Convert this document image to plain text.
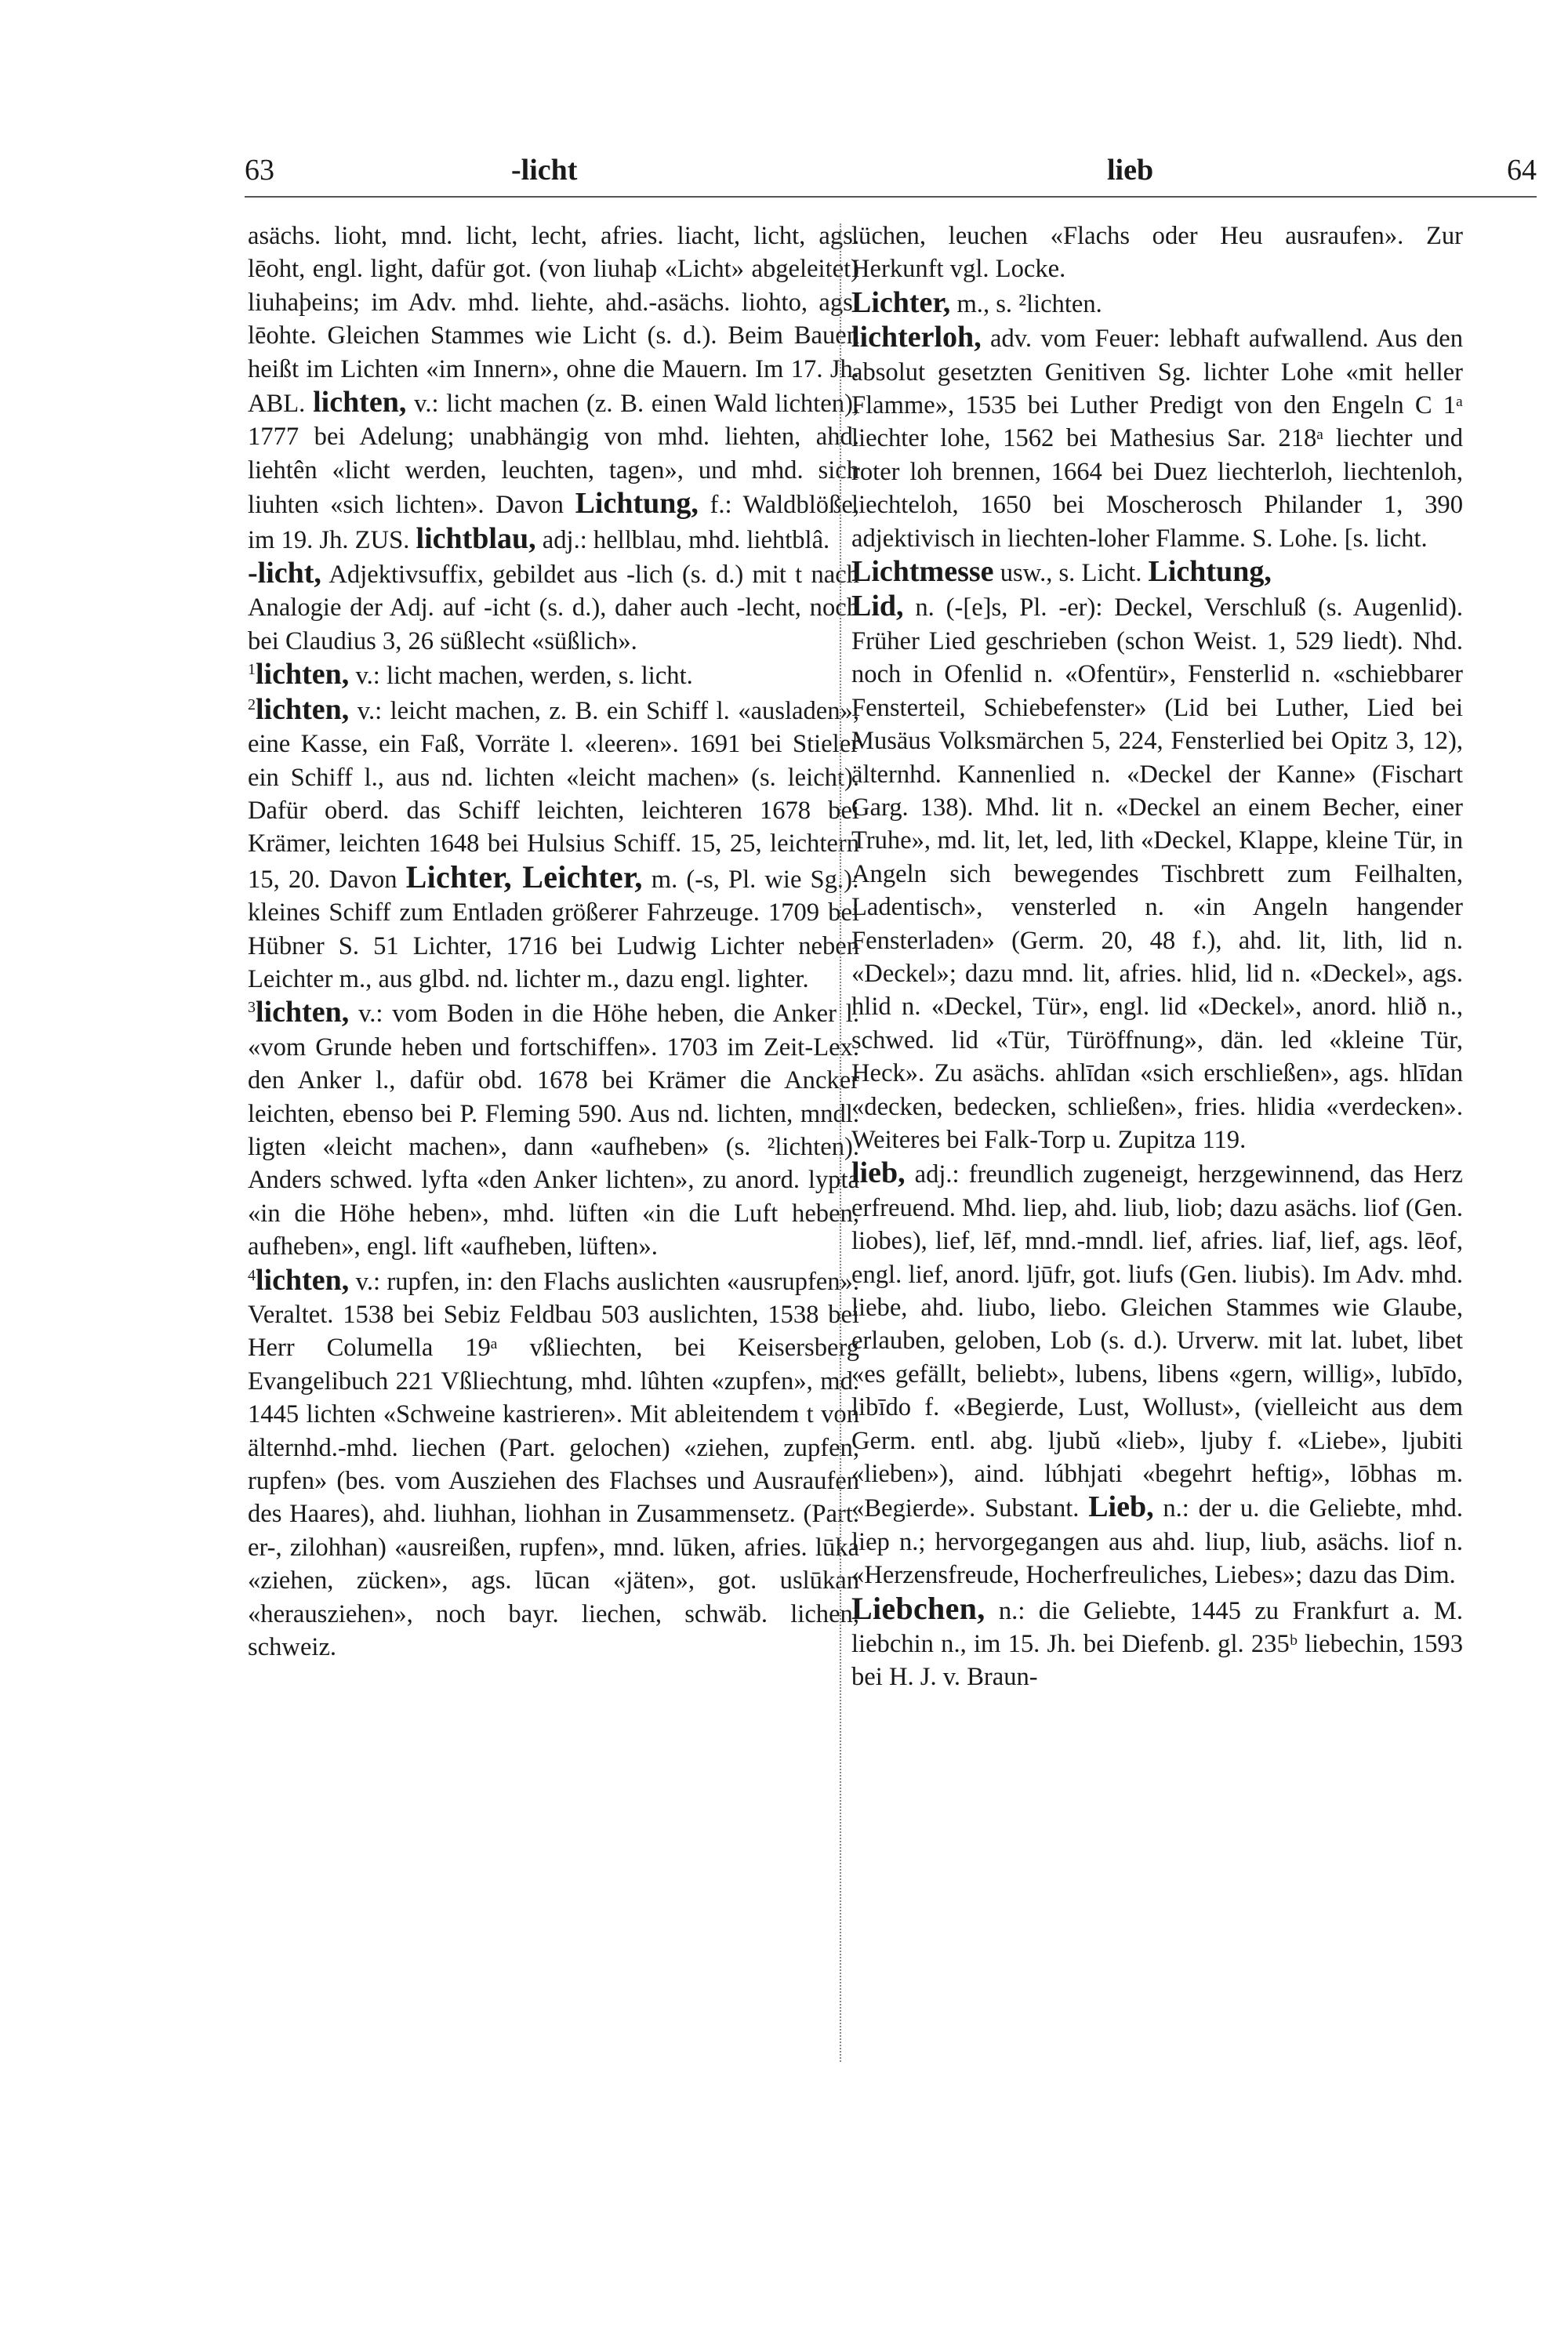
63	-licht	lieb	64

asächs. lioht, mnd. licht, lecht, afries. liacht, licht, ags. lēoht, engl. light, dafür got. (von liuhaþ «Licht» abgeleitet) liuhaþeins; im Adv. mhd. liehte, ahd.-asächs. liohto, ags. lēohte. Gleichen Stammes wie Licht (s. d.). Beim Bauen heißt im Lichten «im Innern», ohne die Mauern. Im 17. Jh. ABL. lichten, v.: licht machen (z. B. einen Wald lichten), 1777 bei Adelung; unabhängig von mhd. liehten, ahd. liehtên «licht werden, leuchten, tagen», und mhd. sich liuhten «sich lichten». Davon Lichtung, f.: Waldblöße, im 19. Jh. ZUS. lichtblau, adj.: hellblau, mhd. liehtblâ.

-licht, Adjektivsuffix, gebildet aus -lich (s. d.) mit t nach Analogie der Adj. auf -icht (s. d.), daher auch -lecht, noch bei Claudius 3, 26 süßlecht «süßlich».

$^1$lichten, v.: licht machen, werden, s. licht.

$^2$lichten, v.: leicht machen, z. B. ein Schiff l. «ausladen», eine Kasse, ein Faß, Vorräte l. «leeren». 1691 bei Stieler ein Schiff l., aus nd. lichten «leicht machen» (s. leicht). Dafür oberd. das Schiff leichten, leichteren 1678 bei Krämer, leichten 1648 bei Hulsius Schiff. 15, 25, leichtern 15, 20. Davon Lichter, Leichter, m. (-s, Pl. wie Sg.): kleines Schiff zum Entladen größerer Fahrzeuge. 1709 bei Hübner S. 51 Lichter, 1716 bei Ludwig Lichter neben Leichter m., aus glbd. nd. lichter m., dazu engl. lighter.

$^3$lichten, v.: vom Boden in die Höhe heben, die Anker l. «vom Grunde heben und fortschiffen». 1703 im Zeit-Lex. den Anker l., dafür obd. 1678 bei Krämer die Ancker leichten, ebenso bei P. Fleming 590. Aus nd. lichten, mndl. ligten «leicht machen», dann «aufheben» (s. ²lichten). Anders schwed. lyfta «den Anker lichten», zu anord. lypta «in die Höhe heben», mhd. lüften «in die Luft heben, aufheben», engl. lift «aufheben, lüften».

$^4$lichten, v.: rupfen, in: den Flachs auslichten «ausrupfen». Veraltet. 1538 bei Sebiz Feldbau 503 auslichten, 1538 bei Herr Columella 19ᵃ vßliechten, bei Keisersberg Evangelibuch 221 Vßliechtung, mhd. lûhten «zupfen», md. 1445 lichten «Schweine kastrieren». Mit ableitendem t von älternhd.-mhd. liechen (Part. gelochen) «ziehen, zupfen, rupfen» (bes. vom Ausziehen des Flachses und Ausraufen des Haares), ahd. liuhhan, liohhan in Zusammensetz. (Part. er-, zilohhan) «ausreißen, rupfen», mnd. lūken, afries. lūka «ziehen, zücken», ags. lūcan «jäten», got. uslūkan «herausziehen», noch bayr. liechen, schwäb. lichen, schweiz.

lüchen, leuchen «Flachs oder Heu ausraufen». Zur Herkunft vgl. Locke.

Lichter, m., s. ²lichten.

lichterloh, adv. vom Feuer: lebhaft aufwallend. Aus den absolut gesetzten Genitiven Sg. lichter Lohe «mit heller Flamme», 1535 bei Luther Predigt von den Engeln C 1ᵃ liechter lohe, 1562 bei Mathesius Sar. 218ᵃ liechter und roter loh brennen, 1664 bei Duez liechterloh, liechtenloh, liechteloh, 1650 bei Moscherosch Philander 1, 390 adjektivisch in liechten-loher Flamme. S. Lohe. [s. licht.

Lichtmesse usw., s. Licht. Lichtung,

Lid, n. (-[e]s, Pl. -er): Deckel, Verschluß (s. Augenlid). Früher Lied geschrieben (schon Weist. 1, 529 liedt). Nhd. noch in Ofenlid n. «Ofentür», Fensterlid n. «schiebbarer Fensterteil, Schiebefenster» (Lid bei Luther, Lied bei Musäus Volksmärchen 5, 224, Fensterlied bei Opitz 3, 12), älternhd. Kannenlied n. «Deckel der Kanne» (Fischart Garg. 138). Mhd. lit n. «Deckel an einem Becher, einer Truhe», md. lit, let, led, lith «Deckel, Klappe, kleine Tür, in Angeln sich bewegendes Tischbrett zum Feilhalten, Ladentisch», vensterled n. «in Angeln hangender Fensterladen» (Germ. 20, 48 f.), ahd. lit, lith, lid n. «Deckel»; dazu mnd. lit, afries. hlid, lid n. «Deckel», ags. hlid n. «Deckel, Tür», engl. lid «Deckel», anord. hlið n., schwed. lid «Tür, Türöffnung», dän. led «kleine Tür, Heck». Zu asächs. ahlīdan «sich erschließen», ags. hlīdan «decken, bedecken, schließen», fries. hlidia «verdecken». Weiteres bei Falk-Torp u. Zupitza 119.

lieb, adj.: freundlich zugeneigt, herzgewinnend, das Herz erfreuend. Mhd. liep, ahd. liub, liob; dazu asächs. liof (Gen. liobes), lief, lēf, mnd.-mndl. lief, afries. liaf, lief, ags. lēof, engl. lief, anord. ljūfr, got. liufs (Gen. liubis). Im Adv. mhd. liebe, ahd. liubo, liebo. Gleichen Stammes wie Glaube, erlauben, geloben, Lob (s. d.). Urverw. mit lat. lubet, libet «es gefällt, beliebt», lubens, libens «gern, willig», lubīdo, libīdo f. «Begierde, Lust, Wollust», (vielleicht aus dem Germ. entl. abg. ljubŭ «lieb», ljuby f. «Liebe», ljubiti «lieben»), aind. lúbhjati «begehrt heftig», lōbhas m. «Begierde». Substant. Lieb, n.: der u. die Geliebte, mhd. liep n.; hervorgegangen aus ahd. liup, liub, asächs. liof n. «Herzensfreude, Hocherfreuliches, Liebes»; dazu das Dim.

Liebchen, n.: die Geliebte, 1445 zu Frankfurt a. M. liebchin n., im 15. Jh. bei Diefenb. gl. 235ᵇ liebechin, 1593 bei H. J. v. Braun-
